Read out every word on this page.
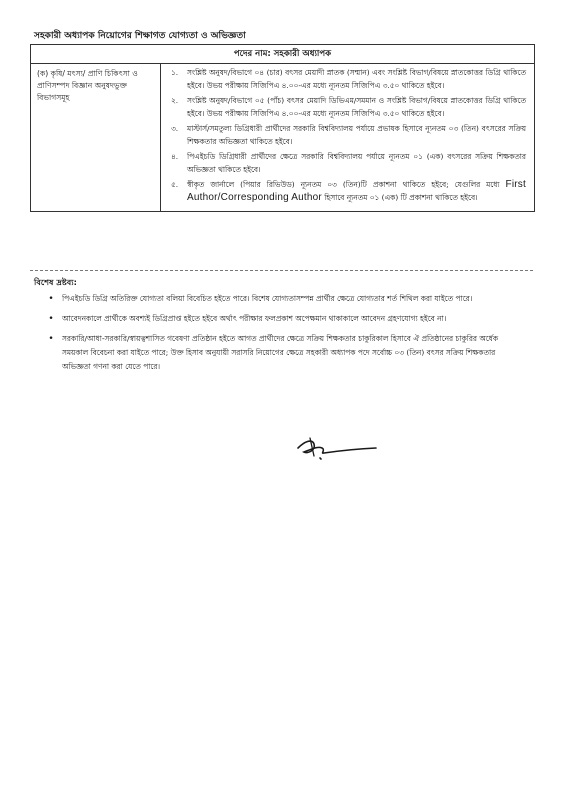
সহকারী অধ্যাপক নিয়োগের শিক্ষাগত যোগ্যতা ও অভিজ্ঞতা
পদের নাম: সহকারী অধ্যাপক
(ক) কৃষি/ মৎস্য/ প্রাণি চিকিৎসা ও প্রাণিসম্পদ বিজ্ঞান অনুষদভুক্ত বিভাগসমূহ
১.	সংশ্লিষ্ট অনুষদ/বিভাগে ০৪ (চার) বৎসর মেয়াদী স্নাতক (সম্মান) এবং সংশ্লিষ্ট বিভাগ/বিষয়ে স্নাতকোত্তর ডিগ্রি থাকিতে হইবে। উভয় পরীক্ষায় সিজিপিএ ৪.০০-এর মধ্যে ন্যূনতম সিজিপিএ ৩.৫০ থাকিতে হইবে।
২.	সংশ্লিষ্ট অনুষদ/বিভাগে ০৫ (পাঁচ) বৎসর মেয়াদি ডিভিএম/সমমান ও সংশ্লিষ্ট বিভাগ/বিষয়ে স্নাতকোত্তর ডিগ্রি থাকিতে হইবে। উভয় পরীক্ষায় সিজিপিএ ৪.০০-এর মধ্যে ন্যূনতম সিজিপিএ ৩.৫০ থাকিতে হইবে।
৩.	মাস্টার্স/সমতুল্য ডিগ্রিধারী প্রার্থীদের সরকারি বিশ্ববিদ্যালয় পর্যায়ে প্রভাষক হিসাবে ন্যূনতম ০৩ (তিন) বৎসরের সক্রিয় শিক্ষকতার অভিজ্ঞতা থাকিতে হইবে।
৪.	পিএইচডি ডিগ্রিধারী প্রার্থীদের ক্ষেত্রে সরকারি বিশ্ববিদ্যালয় পর্যায়ে ন্যূনতম ০১ (এক) বৎসরের সক্রিয় শিক্ষকতার অভিজ্ঞতা থাকিতে হইবে।
৫.	স্বীকৃত জার্নালে (পিয়ার রিভিউড) ন্যূনতম ০৩ (তিন)টি প্রকাশনা থাকিতে হইবে; যেগুলির মধ্যে First Author/Corresponding Author হিসাবে ন্যূনতম ০১ (এক) টি প্রকাশনা থাকিতে হইবে।
বিশেষ দ্রষ্টব্য:
•	পিএইচডি ডিগ্রি অতিরিক্ত যোগ্যতা বলিয়া বিবেচিত হইতে পারে। বিশেষ যোগ্যতাসম্পন্ন প্রার্থীর ক্ষেত্রে যোগ্যতার শর্ত শিথিল করা যাইতে পারে।
•	আবেদনকালে প্রার্থীকে অবশ্যই ডিগ্রিপ্রাপ্ত হইতে হইবে অর্থাৎ পরীক্ষার ফলপ্রকাশ অপেক্ষমান থাকাকালে আবেদন গ্রহণযোগ্য হইবে না।
•	সরকারি/আধা-সরকারি/স্বায়ত্বশাসিত গবেষণা প্রতিষ্ঠান হইতে আগত প্রার্থীদের ক্ষেত্রে সক্রিয় শিক্ষকতার চাকুরিকাল হিসাবে ঐ প্রতিষ্ঠানের চাকুরির অর্ধেক সময়কাল বিবেচনা করা যাইতে পারে; উক্ত হিসাব অনুযায়ী সরাসরি নিয়োগের ক্ষেত্রে সহকারী অধ্যাপক পদে সর্বোচ্চ ০৩ (তিন) বৎসর সক্রিয় শিক্ষকতার অভিজ্ঞতা গণনা করা যেতে পারে।
